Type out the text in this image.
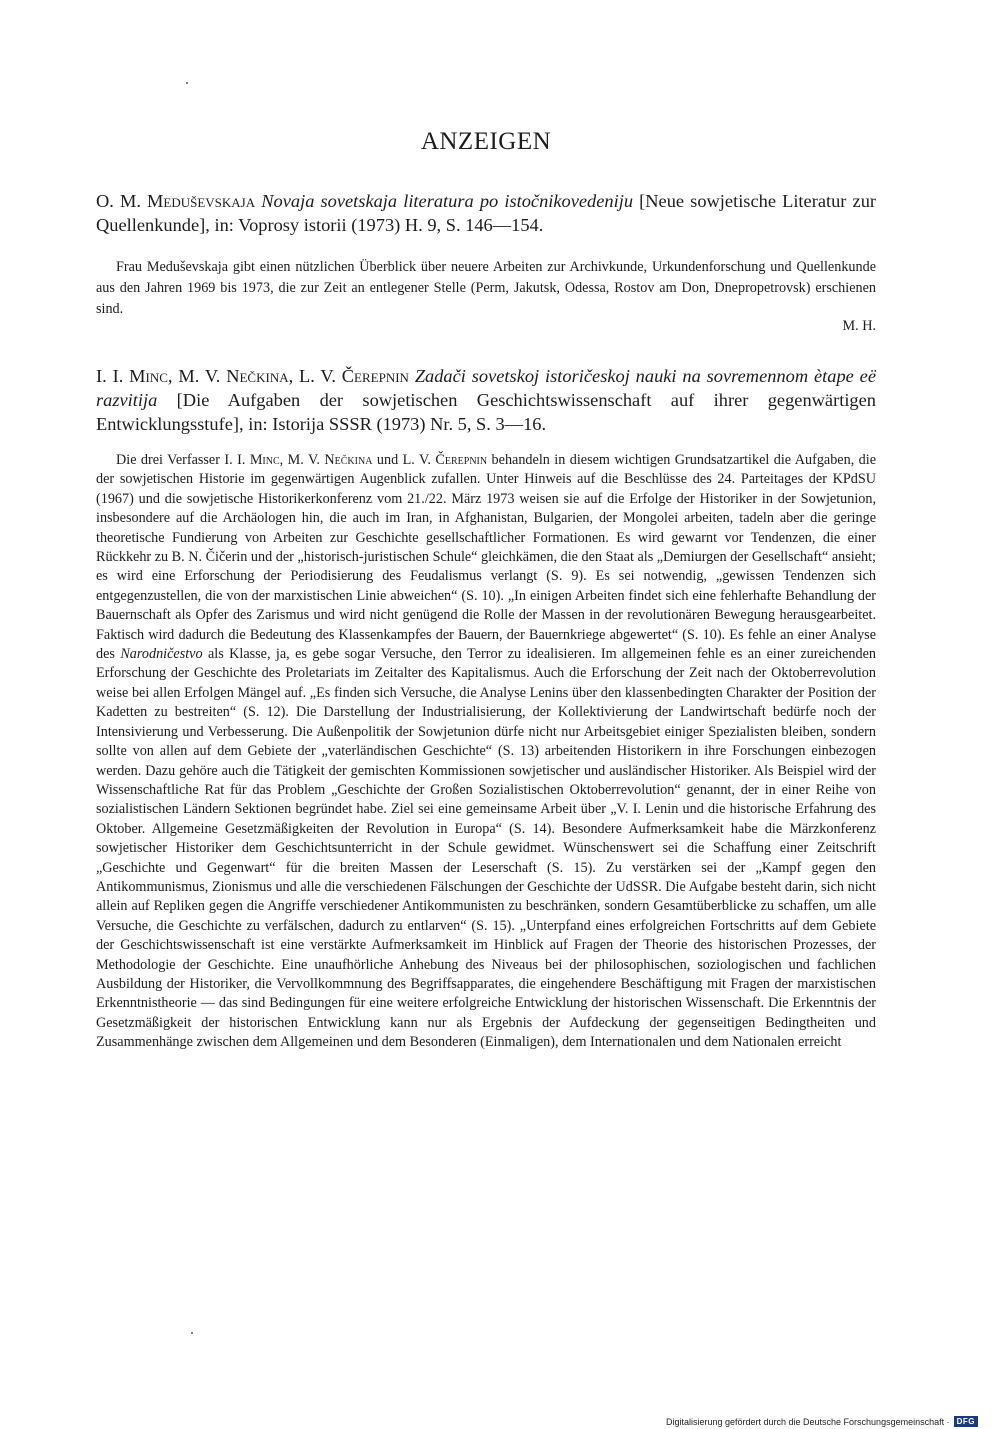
ANZEIGEN

O. M. Meduševskaja Novaja sovetskaja literatura po istočnikovedeniju [Neue sowjetische Literatur zur Quellenkunde], in: Voprosy istorii (1973) H. 9, S. 146—154.

Frau Meduševskaja gibt einen nützlichen Überblick über neuere Arbeiten zur Archivkunde, Urkundenforschung und Quellenkunde aus den Jahren 1969 bis 1973, die zur Zeit an entlegener Stelle (Perm, Jakutsk, Odessa, Rostov am Don, Dnepropetrovsk) erschienen sind.

M. H.

I. I. Minc, M. V. Nečkina, L. V. Čerepnin Zadači sovetskoj istoričeskoj nauki na sovremennom ètape eë razvitija [Die Aufgaben der sowjetischen Geschichtswissenschaft auf ihrer gegenwärtigen Entwicklungsstufe], in: Istorija SSSR (1973) Nr. 5, S. 3—16.

Die drei Verfasser I. I. Minc, M. V. Nečkina und L. V. Čerepnin behandeln in diesem wichtigen Grundsatzartikel die Aufgaben, die der sowjetischen Historie im gegenwärtigen Augenblick zufallen. Unter Hinweis auf die Beschlüsse des 24. Parteitages der KPdSU (1967) und die sowjetische Historikerkonferenz vom 21./22. März 1973 weisen sie auf die Erfolge der Historiker in der Sowjetunion, insbesondere auf die Archäologen hin, die auch im Iran, in Afghanistan, Bulgarien, der Mongolei arbeiten, tadeln aber die geringe theoretische Fundierung von Arbeiten zur Geschichte gesellschaftlicher Formationen. Es wird gewarnt vor Tendenzen, die einer Rückkehr zu B. N. Čičerin und der „historisch-juristischen Schule“ gleichkämen, die den Staat als „Demiurgen der Gesellschaft“ ansieht; es wird eine Erforschung der Periodisierung des Feudalismus verlangt (S. 9). Es sei notwendig, „gewissen Tendenzen sich entgegenzustellen, die von der marxistischen Linie abweichen“ (S. 10). „In einigen Arbeiten findet sich eine fehlerhafte Behandlung der Bauernschaft als Opfer des Zarismus und wird nicht genügend die Rolle der Massen in der revolutionären Bewegung herausgearbeitet. Faktisch wird dadurch die Bedeutung des Klassenkampfes der Bauern, der Bauernkriege abgewertet“ (S. 10). Es fehle an einer Analyse des Narodničestvo als Klasse, ja, es gebe sogar Versuche, den Terror zu idealisieren. Im allgemeinen fehle es an einer zureichenden Erforschung der Geschichte des Proletariats im Zeitalter des Kapitalismus. Auch die Erforschung der Zeit nach der Oktoberrevolution weise bei allen Erfolgen Mängel auf. „Es finden sich Versuche, die Analyse Lenins über den klassenbedingten Charakter der Position der Kadetten zu bestreiten“ (S. 12). Die Darstellung der Industrialisierung, der Kollektivierung der Landwirtschaft bedürfe noch der Intensivierung und Verbesserung. Die Außenpolitik der Sowjetunion dürfe nicht nur Arbeitsgebiet einiger Spezialisten bleiben, sondern sollte von allen auf dem Gebiete der „vaterländischen Geschichte“ (S. 13) arbeitenden Historikern in ihre Forschungen einbezogen werden. Dazu gehöre auch die Tätigkeit der gemischten Kommissionen sowjetischer und ausländischer Historiker. Als Beispiel wird der Wissenschaftliche Rat für das Problem „Geschichte der Großen Sozialistischen Oktoberrevolution“ genannt, der in einer Reihe von sozialistischen Ländern Sektionen begründet habe. Ziel sei eine gemeinsame Arbeit über „V. I. Lenin und die historische Erfahrung des Oktober. Allgemeine Gesetzmäßigkeiten der Revolution in Europa“ (S. 14). Besondere Aufmerksamkeit habe die Märzkonferenz sowjetischer Historiker dem Geschichtsunterricht in der Schule gewidmet. Wünschenswert sei die Schaffung einer Zeitschrift „Geschichte und Gegenwart“ für die breiten Massen der Leserschaft (S. 15). Zu verstärken sei der „Kampf gegen den Antikommunismus, Zionismus und alle die verschiedenen Fälschungen der Geschichte der UdSSR. Die Aufgabe besteht darin, sich nicht allein auf Repliken gegen die Angriffe verschiedener Antikommunisten zu beschränken, sondern Gesamtüberblicke zu schaffen, um alle Versuche, die Geschichte zu verfälschen, dadurch zu entlarven“ (S. 15). „Unterpfand eines erfolgreichen Fortschritts auf dem Gebiete der Geschichtswissenschaft ist eine verstärkte Aufmerksamkeit im Hinblick auf Fragen der Theorie des historischen Prozesses, der Methodologie der Geschichte. Eine unaufhörliche Anhebung des Niveaus bei der philosophischen, soziologischen und fachlichen Ausbildung der Historiker, die Vervollkommnung des Begriffsapparates, die eingehendere Beschäftigung mit Fragen der marxistischen Erkenntnistheorie — das sind Bedingungen für eine weitere erfolgreiche Entwicklung der historischen Wissenschaft. Die Erkenntnis der Gesetzmäßigkeit der historischen Entwicklung kann nur als Ergebnis der Aufdeckung der gegenseitigen Bedingtheiten und Zusammenhänge zwischen dem Allgemeinen und dem Besonderen (Einmaligen), dem Internationalen und dem Nationalen erreicht

Digitalisierung gefördert durch die Deutsche Forschungsgemeinschaft · DFG
